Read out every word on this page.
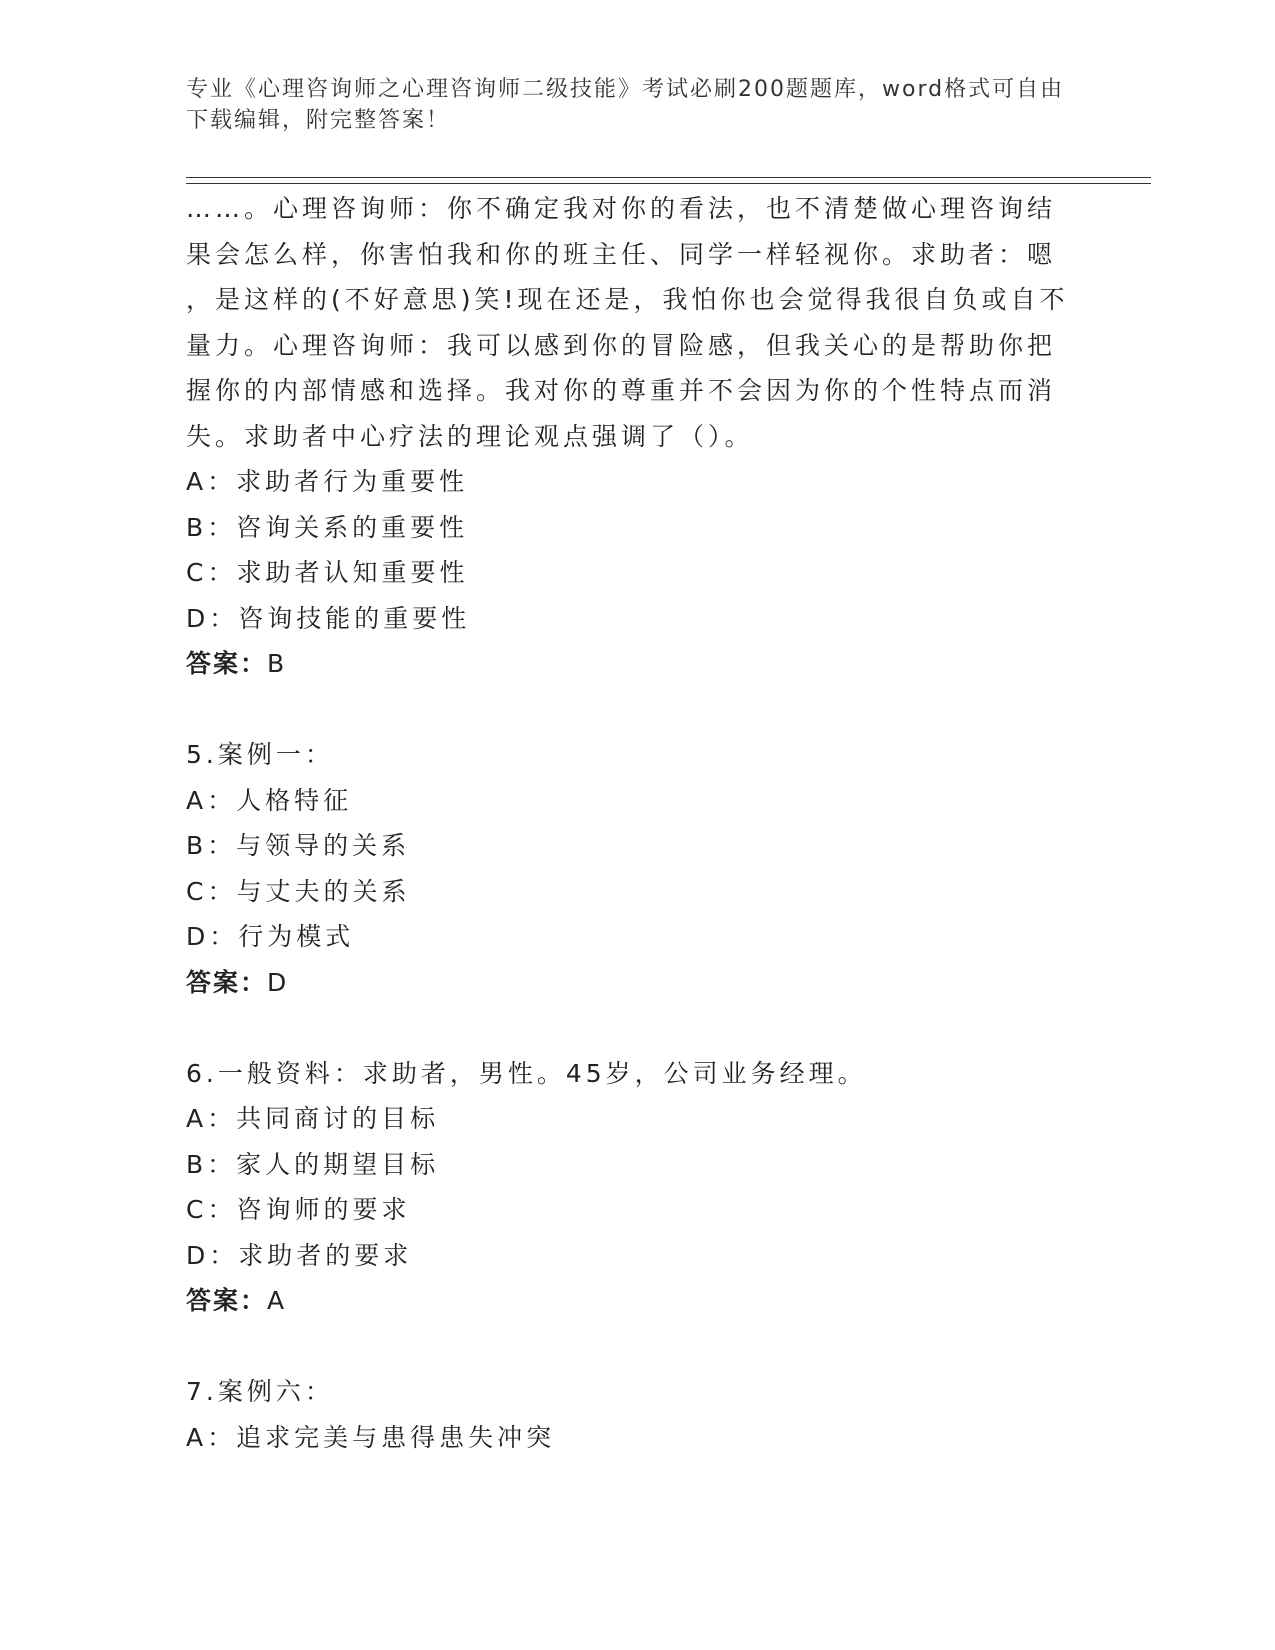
专业《心理咨询师之心理咨询师二级技能》考试必刷200题题库，word格式可自由下载编辑，附完整答案！
……。心理咨询师：你不确定我对你的看法，也不清楚做心理咨询结
果会怎么样，你害怕我和你的班主任、同学一样轻视你。求助者：嗯
，是这样的(不好意思)笑!现在还是，我怕你也会觉得我很自负或自不
量力。心理咨询师：我可以感到你的冒险感，但我关心的是帮助你把
握你的内部情感和选择。我对你的尊重并不会因为你的个性特点而消
失。求助者中心疗法的理论观点强调了（）。
A：求助者行为重要性
B：咨询关系的重要性
C：求助者认知重要性
D：咨询技能的重要性
答案：B
5.案例一：
A：人格特征
B：与领导的关系
C：与丈夫的关系
D：行为模式
答案：D
6.一般资料：求助者，男性。45岁，公司业务经理。
A：共同商讨的目标
B：家人的期望目标
C：咨询师的要求
D：求助者的要求
答案：A
7.案例六：
A：追求完美与患得患失冲突
